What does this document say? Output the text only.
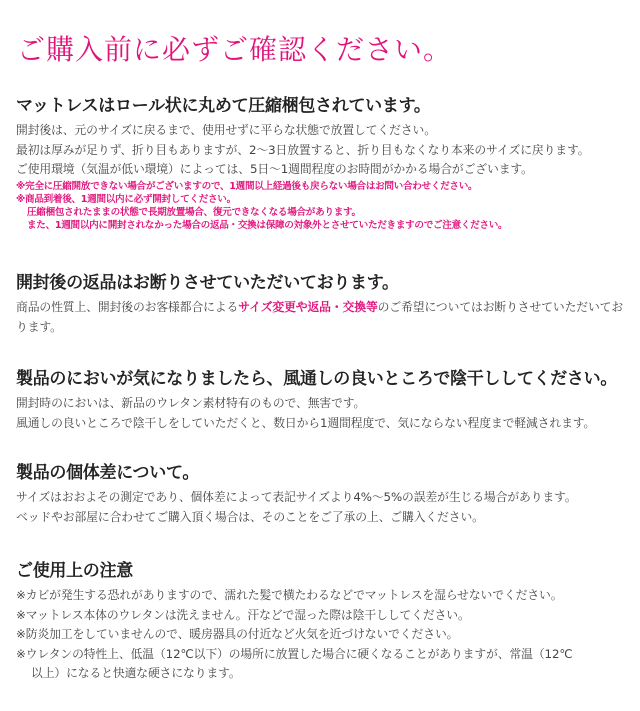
ご購入前に必ずご確認ください。
マットレスはロール状に丸めて圧縮梱包されています。
開封後は、元のサイズに戻るまで、使用せずに平らな状態で放置してください。
最初は厚みが足りず、折り目もありますが、2～3日放置すると、折り目もなくなり本来のサイズに戻ります。
ご使用環境（気温が低い環境）によっては、5日～1週間程度のお時間がかかる場合がございます。
※完全に圧縮開放できない場合がございますので、1週間以上経過後も戻らない場合はお問い合わせください。
※商品到着後、1週間以内に必ず開封してください。
圧縮梱包されたままの状態で長期放置場合、復元できなくなる場合があります。
また、1週間以内に開封されなかった場合の返品・交換は保障の対象外とさせていただきますのでご注意ください。
開封後の返品はお断りさせていただいております。
商品の性質上、開封後のお客様都合によるサイズ変更や返品・交換等のご希望についてはお断りさせていただいております。
製品のにおいが気になりましたら、風通しの良いところで陰干ししてください。
開封時のにおいは、新品のウレタン素材特有のもので、無害です。
風通しの良いところで陰干しをしていただくと、数日から1週間程度で、気にならない程度まで軽減されます。
製品の個体差について。
サイズはおおよその測定であり、個体差によって表記サイズより4%～5%の誤差が生じる場合があります。
ベッドやお部屋に合わせてご購入頂く場合は、そのことをご了承の上、ご購入ください。
ご使用上の注意
※カビが発生する恐れがありますので、濡れた髪で横たわるなどでマットレスを湿らせないでください。
※マットレス本体のウレタンは洗えません。汗などで湿った際は陰干ししてください。
※防炎加工をしていませんので、暖房器具の付近など火気を近づけないでください。
※ウレタンの特性上、低温（12℃以下）の場所に放置した場合に硬くなることがありますが、常温（12℃
以上）になると快適な硬さになります。
